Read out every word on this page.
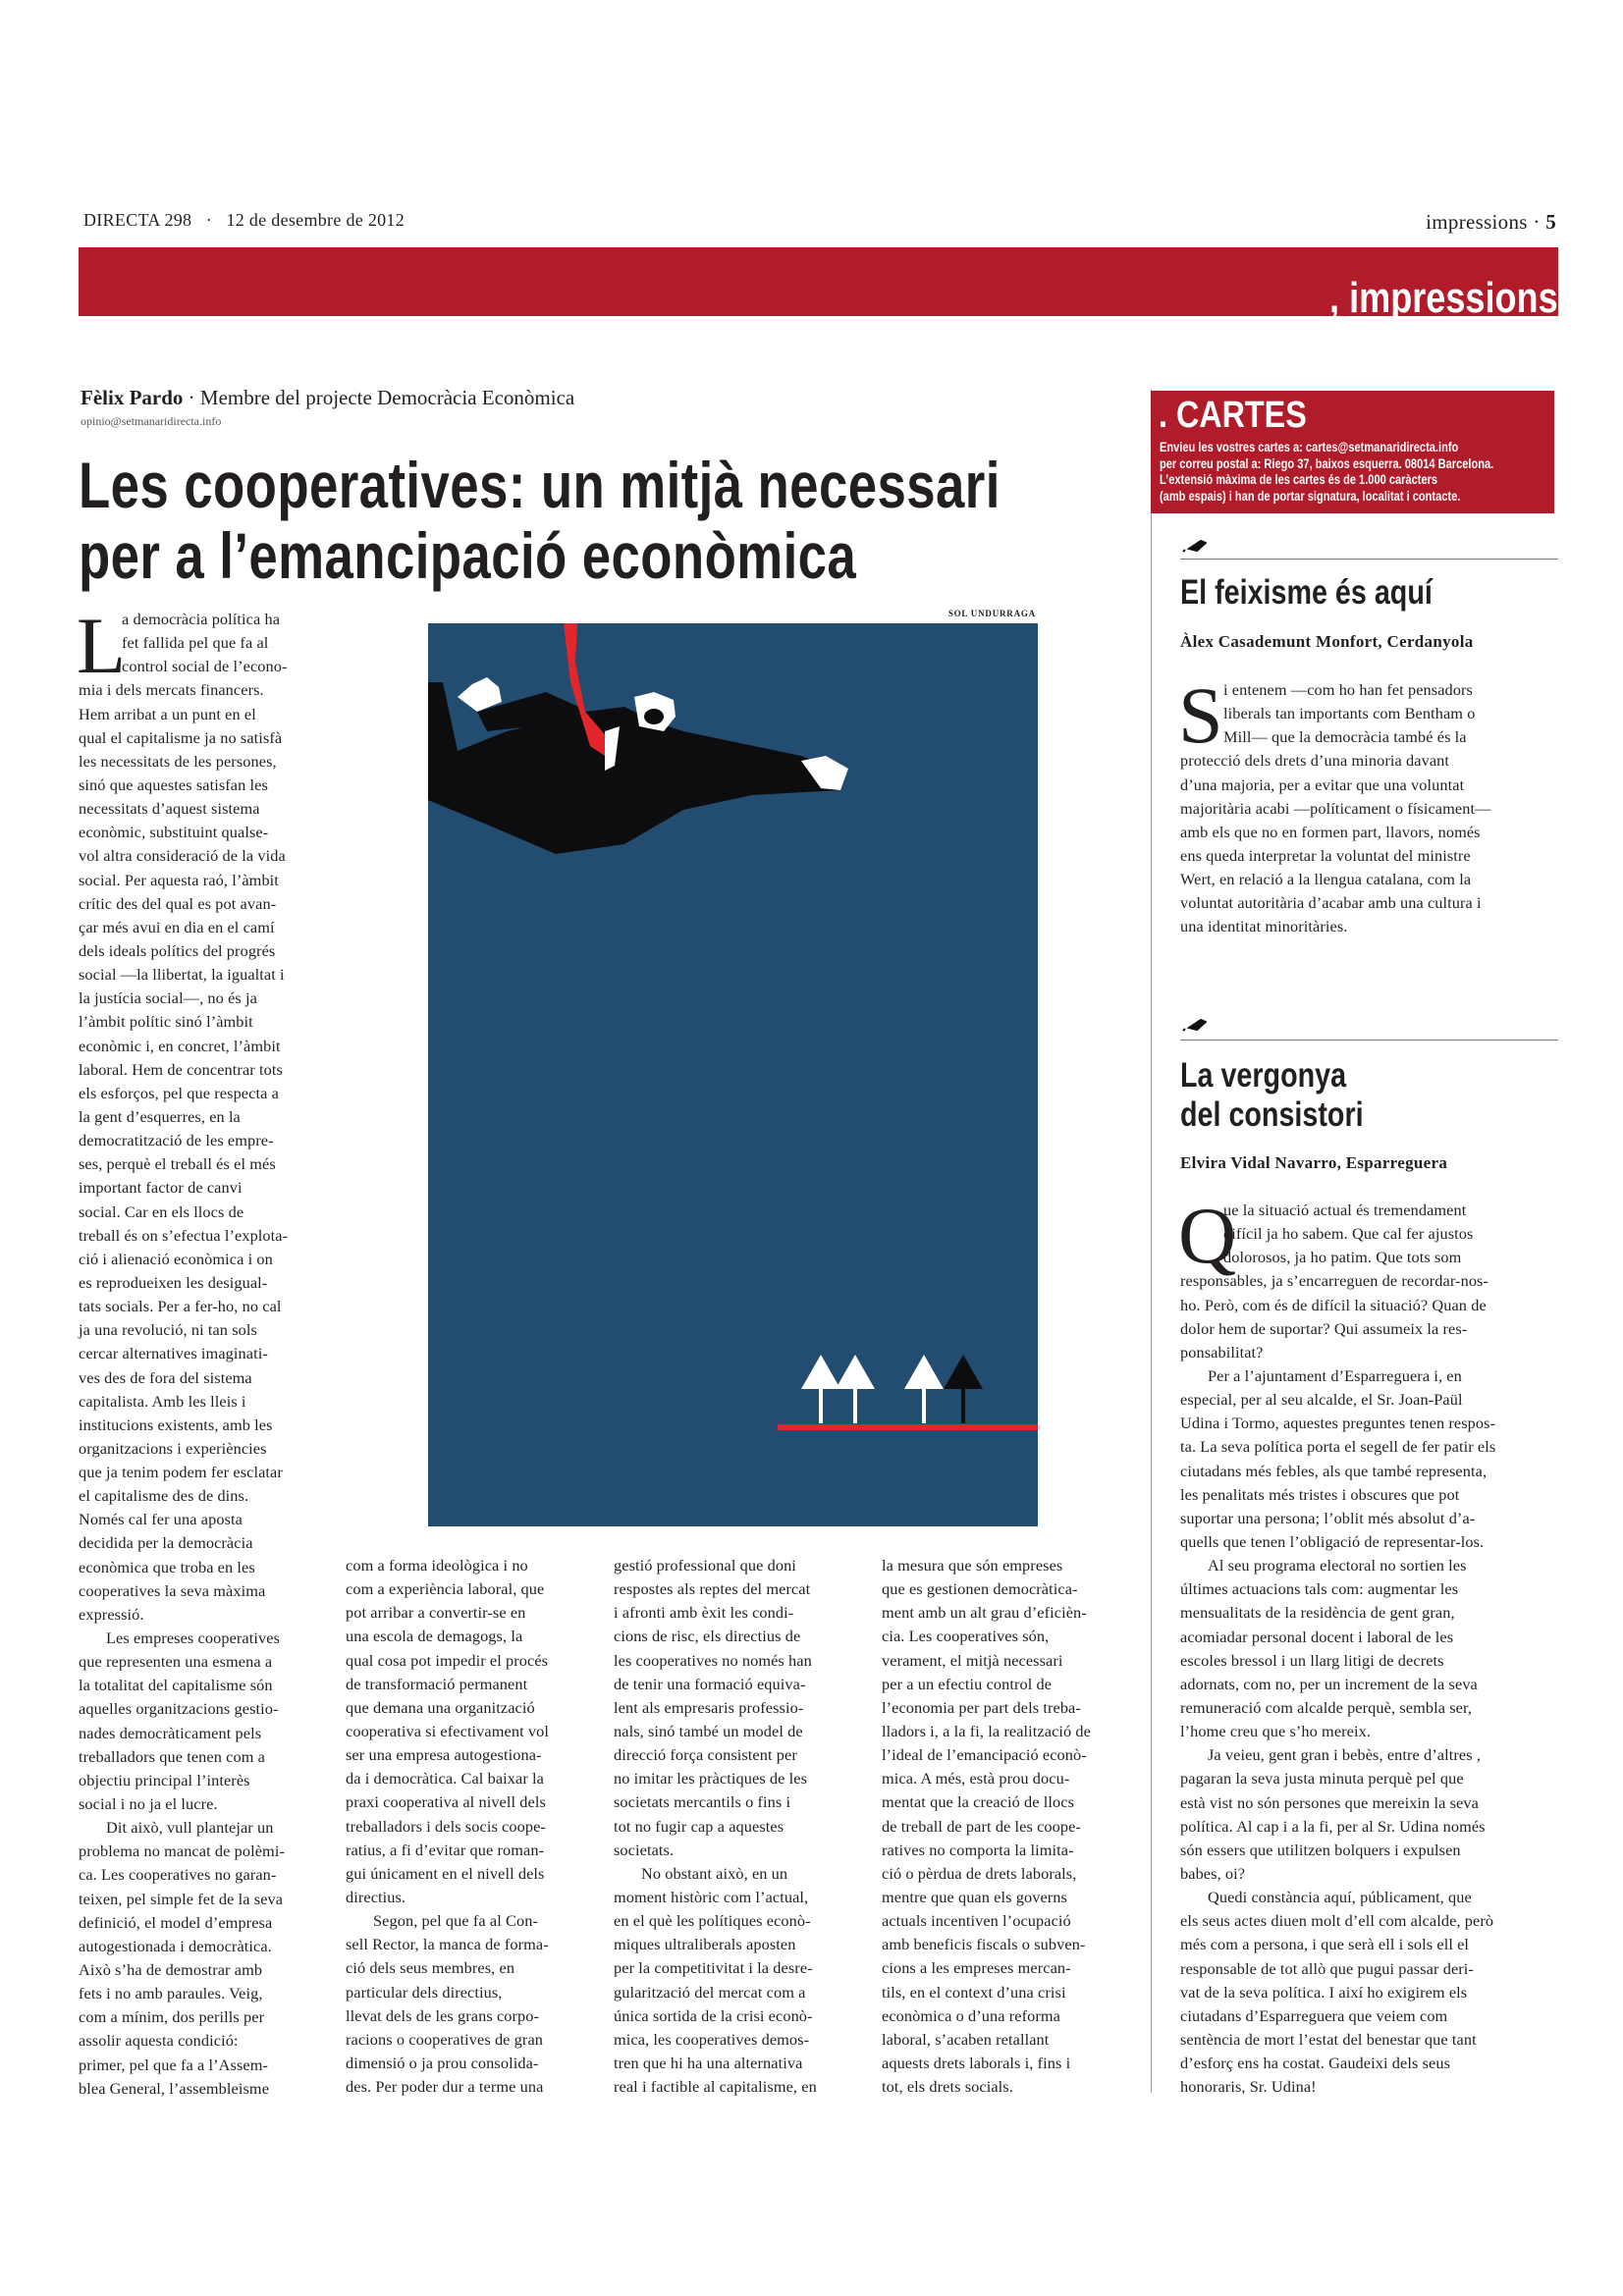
DIRECTA 298 · 12 de desembre de 2012	impressions · 5
, impressions
Fèlix Pardo · Membre del projecte Democràcia Econòmica
opinio@setmanaridirecta.info
Les cooperatives: un mitjà necessari
per a l’emancipació econòmica
L
a democràcia política ha
fet fallida pel que fa al
control social de l’econo-
mia i dels mercats financers.
Hem arribat a un punt en el
qual el capitalisme ja no satisfà
les necessitats de les persones,
sinó que aquestes satisfan les
necessitats d’aquest sistema
econòmic, substituint qualse-
vol altra consideració de la vida
social. Per aquesta raó, l’àmbit
crític des del qual es pot avan-
çar més avui en dia en el camí
dels ideals polítics del progrés
social —la llibertat, la igualtat i
la justícia social—, no és ja
l’àmbit polític sinó l’àmbit
econòmic i, en concret, l’àmbit
laboral. Hem de concentrar tots
els esforços, pel que respecta a
la gent d’esquerres, en la
democratització de les empre-
ses, perquè el treball és el més
important factor de canvi
social. Car en els llocs de
treball és on s’efectua l’explota-
ció i alienació econòmica i on
es reprodueixen les desigual-
tats socials. Per a fer-ho, no cal
ja una revolució, ni tan sols
cercar alternatives imaginati-
ves des de fora del sistema
capitalista. Amb les lleis i
institucions existents, amb les
organitzacions i experiències
que ja tenim podem fer esclatar
el capitalisme des de dins.
Només cal fer una aposta
decidida per la democràcia
econòmica que troba en les
cooperatives la seva màxima
expressió.
Les empreses cooperatives
que representen una esmena a
la totalitat del capitalisme són
aquelles organitzacions gestio-
nades democràticament pels
treballadors que tenen com a
objectiu principal l’interès
social i no ja el lucre.
Dit això, vull plantejar un
problema no mancat de polèmi-
ca. Les cooperatives no garan-
teixen, pel simple fet de la seva
definició, el model d’empresa
autogestionada i democràtica.
Això s’ha de demostrar amb
fets i no amb paraules. Veig,
com a mínim, dos perills per
assolir aquesta condició:
primer, pel que fa a l’Assem-
blea General, l’assembleisme
com a forma ideològica i no
com a experiència laboral, que
pot arribar a convertir-se en
una escola de demagogs, la
qual cosa pot impedir el procés
de transformació permanent
que demana una organització
cooperativa si efectivament vol
ser una empresa autogestiona-
da i democràtica. Cal baixar la
praxi cooperativa al nivell dels
treballadors i dels socis coope-
ratius, a fi d’evitar que roman-
gui únicament en el nivell dels
directius.
Segon, pel que fa al Con-
sell Rector, la manca de forma-
ció dels seus membres, en
particular dels directius,
llevat dels de les grans corpo-
racions o cooperatives de gran
dimensió o ja prou consolida-
des. Per poder dur a terme una
gestió professional que doni
respostes als reptes del mercat
i afronti amb èxit les condi-
cions de risc, els directius de
les cooperatives no només han
de tenir una formació equiva-
lent als empresaris professio-
nals, sinó també un model de
direcció força consistent per
no imitar les pràctiques de les
societats mercantils o fins i
tot no fugir cap a aquestes
societats.
No obstant això, en un
moment històric com l’actual,
en el què les polítiques econò-
miques ultraliberals aposten
per la competitivitat i la desre-
gularització del mercat com a
única sortida de la crisi econò-
mica, les cooperatives demos-
tren que hi ha una alternativa
real i factible al capitalisme, en
la mesura que són empreses
que es gestionen democràtica-
ment amb un alt grau d’eficièn-
cia. Les cooperatives són,
verament, el mitjà necessari
per a un efectiu control de
l’economia per part dels treba-
lladors i, a la fi, la realització de
l’ideal de l’emancipació econò-
mica. A més, està prou docu-
mentat que la creació de llocs
de treball de part de les coope-
ratives no comporta la limita-
ció o pèrdua de drets laborals,
mentre que quan els governs
actuals incentiven l’ocupació
amb beneficis fiscals o subven-
cions a les empreses mercan-
tils, en el context d’una crisi
econòmica o d’una reforma
laboral, s’acaben retallant
aquests drets laborals i, fins i
tot, els drets socials.
SOL UNDURRAGA
. CARTES
Envieu les vostres cartes a: cartes@setmanaridirecta.info
per correu postal a: Riego 37, baixos esquerra. 08014 Barcelona.
L’extensió màxima de les cartes és de 1.000 caràcters
(amb espais) i han de portar signatura, localitat i contacte.
El feixisme és aquí
Àlex Casademunt Monfort, Cerdanyola
S i entenem —com ho han fet pensadors
liberals tan importants com Bentham o
Mill— que la democràcia també és la
protecció dels drets d’una minoria davant
d’una majoria, per a evitar que una voluntat
majoritària acabi —políticament o físicament—
amb els que no en formen part, llavors, només
ens queda interpretar la voluntat del ministre
Wert, en relació a la llengua catalana, com la
voluntat autoritària d’acabar amb una cultura i
una identitat minoritàries.
La vergonya
del consistori
Elvira Vidal Navarro, Esparreguera
Q
ue la situació actual és tremendament
difícil ja ho sabem. Que cal fer ajustos
dolorosos, ja ho patim. Que tots som
responsables, ja s’encarreguen de recordar-nos-
ho. Però, com és de difícil la situació? Quan de
dolor hem de suportar? Qui assumeix la res-
ponsabilitat?
Per a l’ajuntament d’Esparreguera i, en
especial, per al seu alcalde, el Sr. Joan-Paül
Udina i Tormo, aquestes preguntes tenen respos-
ta. La seva política porta el segell de fer patir els
ciutadans més febles, als que també representa,
les penalitats més tristes i obscures que pot
suportar una persona; l’oblit més absolut d’a-
quells que tenen l’obligació de representar-los.
Al seu programa electoral no sortien les
últimes actuacions tals com: augmentar les
mensualitats de la residència de gent gran,
acomiadar personal docent i laboral de les
escoles bressol i un llarg litigi de decrets
adornats, com no, per un increment de la seva
remuneració com alcalde perquè, sembla ser,
l’home creu que s’ho mereix.
Ja veieu, gent gran i bebès, entre d’altres ,
pagaran la seva justa minuta perquè pel que
està vist no són persones que mereixin la seva
política. Al cap i a la fi, per al Sr. Udina només
són essers que utilitzen bolquers i expulsen
babes, oi?
Quedi constància aquí, públicament, que
els seus actes diuen molt d’ell com alcalde, però
més com a persona, i que serà ell i sols ell el
responsable de tot allò que pugui passar deri-
vat de la seva política. I així ho exigirem els
ciutadans d’Esparreguera que veiem com
sentència de mort l’estat del benestar que tant
d’esforç ens ha costat. Gaudeixi dels seus
honoraris, Sr. Udina!
